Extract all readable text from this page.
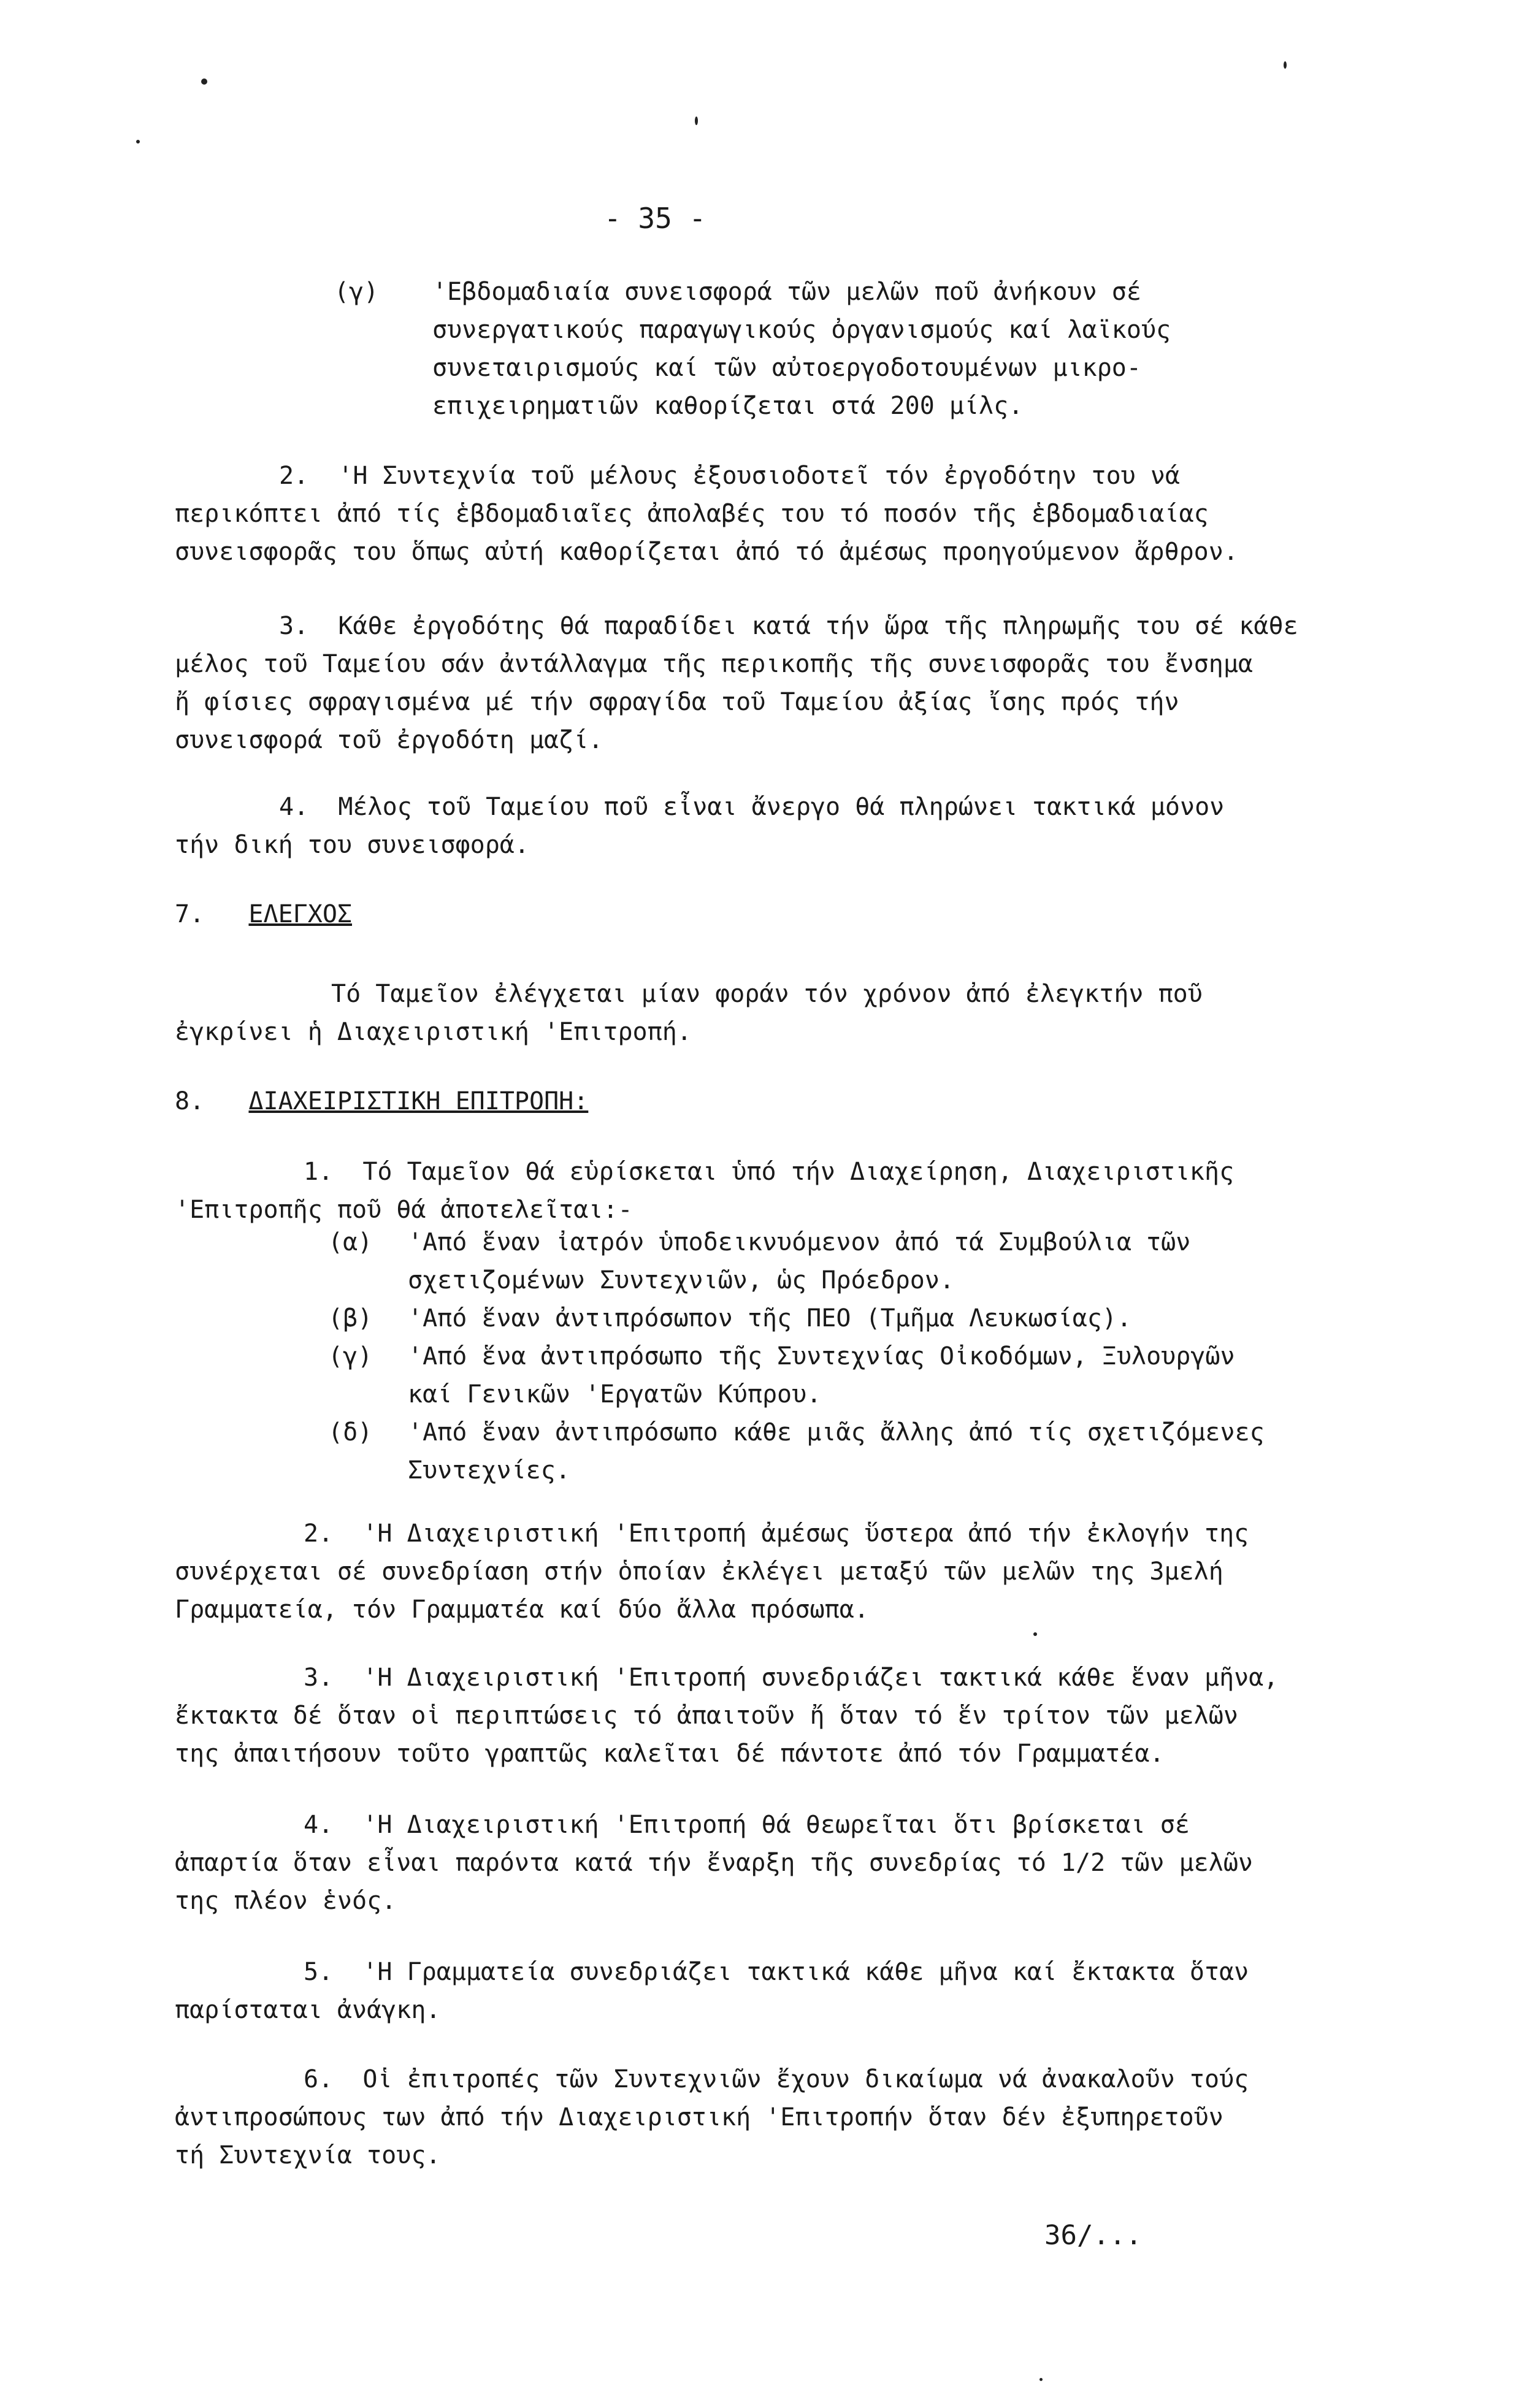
- 35 -
(γ) 'Εβδομαδιαία συνεισφορά τῶν μελῶν ποῦ ἀνήκουν σέ
συνεργατικούς παραγωγικούς ὀργανισμούς καί λαϊκούς
συνεταιρισμούς καί τῶν αὐτοεργοδοτουμένων μικρο-
επιχειρηματιῶν καθορίζεται στά 200 μίλς.
2.  'Η Συντεχνία τοῦ μέλους ἐξουσιοδοτεῖ τόν ἐργοδότην του νά
περικόπτει ἀπό τίς ἑβδομαδιαῖες ἀπολαβές του τό ποσόν τῆς ἑβδομαδιαίας
συνεισφορᾶς του ὅπως αὐτή καθορίζεται ἀπό τό ἀμέσως προηγούμενον ἄρθρον.
3.  Κάθε ἐργοδότης θά παραδίδει κατά τήν ὥρα τῆς πληρωμῆς του σέ κάθε
μέλος τοῦ Ταμείου σάν ἀντάλλαγμα τῆς περικοπῆς τῆς συνεισφορᾶς του ἔνσημα
ἤ φίσιες σφραγισμένα μέ τήν σφραγίδα τοῦ Ταμείου ἀξίας ἴσης πρός τήν
συνεισφορά τοῦ ἐργοδότη μαζί.
4.  Μέλος τοῦ Ταμείου ποῦ εἶναι ἄνεργο θά πληρώνει τακτικά μόνον
τήν δική του συνεισφορά.
7. ΕΛΕΓΧΟΣ
Τό Ταμεῖον ἐλέγχεται μίαν φοράν τόν χρόνον ἀπό ἐλεγκτήν ποῦ
ἐγκρίνει ἡ Διαχειριστική 'Επιτροπή.
8. ΔΙΑΧΕΙΡΙΣΤΙΚΗ ΕΠΙΤΡΟΠΗ:
1.  Τό Ταμεῖον θά εὑρίσκεται ὑπό τήν Διαχείρηση, Διαχειριστικῆς
'Επιτροπῆς ποῦ θά ἀποτελεῖται:-
(α)

(β)
(γ)

(δ)
'Από ἕναν ἰατρόν ὑποδεικνυόμενον ἀπό τά Συμβούλια τῶν
σχετιζομένων Συντεχνιῶν, ὡς Πρόεδρον.
'Από ἕναν ἀντιπρόσωπον τῆς ΠΕΟ (Τμῆμα Λευκωσίας).
'Από ἕνα ἀντιπρόσωπο τῆς Συντεχνίας Οἰκοδόμων, Ξυλουργῶν
καί Γενικῶν 'Εργατῶν Κύπρου.
'Από ἕναν ἀντιπρόσωπο κάθε μιᾶς ἄλλης ἀπό τίς σχετιζόμενες
Συντεχνίες.
2.  'Η Διαχειριστική 'Επιτροπή ἀμέσως ὕστερα ἀπό τήν ἐκλογήν της
συνέρχεται σέ συνεδρίαση στήν ὁποίαν ἐκλέγει μεταξύ τῶν μελῶν της 3μελή
Γραμματεία, τόν Γραμματέα καί δύο ἄλλα πρόσωπα.
3.  'Η Διαχειριστική 'Επιτροπή συνεδριάζει τακτικά κάθε ἕναν μῆνα,
ἔκτακτα δέ ὅταν οἱ περιπτώσεις τό ἀπαιτοῦν ἤ ὅταν τό ἕν τρίτον τῶν μελῶν
της ἀπαιτήσουν τοῦτο γραπτῶς καλεῖται δέ πάντοτε ἀπό τόν Γραμματέα.
4.  'Η Διαχειριστική 'Επιτροπή θά θεωρεῖται ὅτι βρίσκεται σέ
ἀπαρτία ὅταν εἶναι παρόντα κατά τήν ἔναρξη τῆς συνεδρίας τό 1/2 τῶν μελῶν
της πλέον ἑνός.
5.  'Η Γραμματεία συνεδριάζει τακτικά κάθε μῆνα καί ἔκτακτα ὅταν
παρίσταται ἀνάγκη.
6.  Οἱ ἐπιτροπές τῶν Συντεχνιῶν ἔχουν δικαίωμα νά ἀνακαλοῦν τούς
ἀντιπροσώπους των ἀπό τήν Διαχειριστική 'Επιτροπήν ὅταν δέν ἐξυπηρετοῦν
τή Συντεχνία τους.
36/...
